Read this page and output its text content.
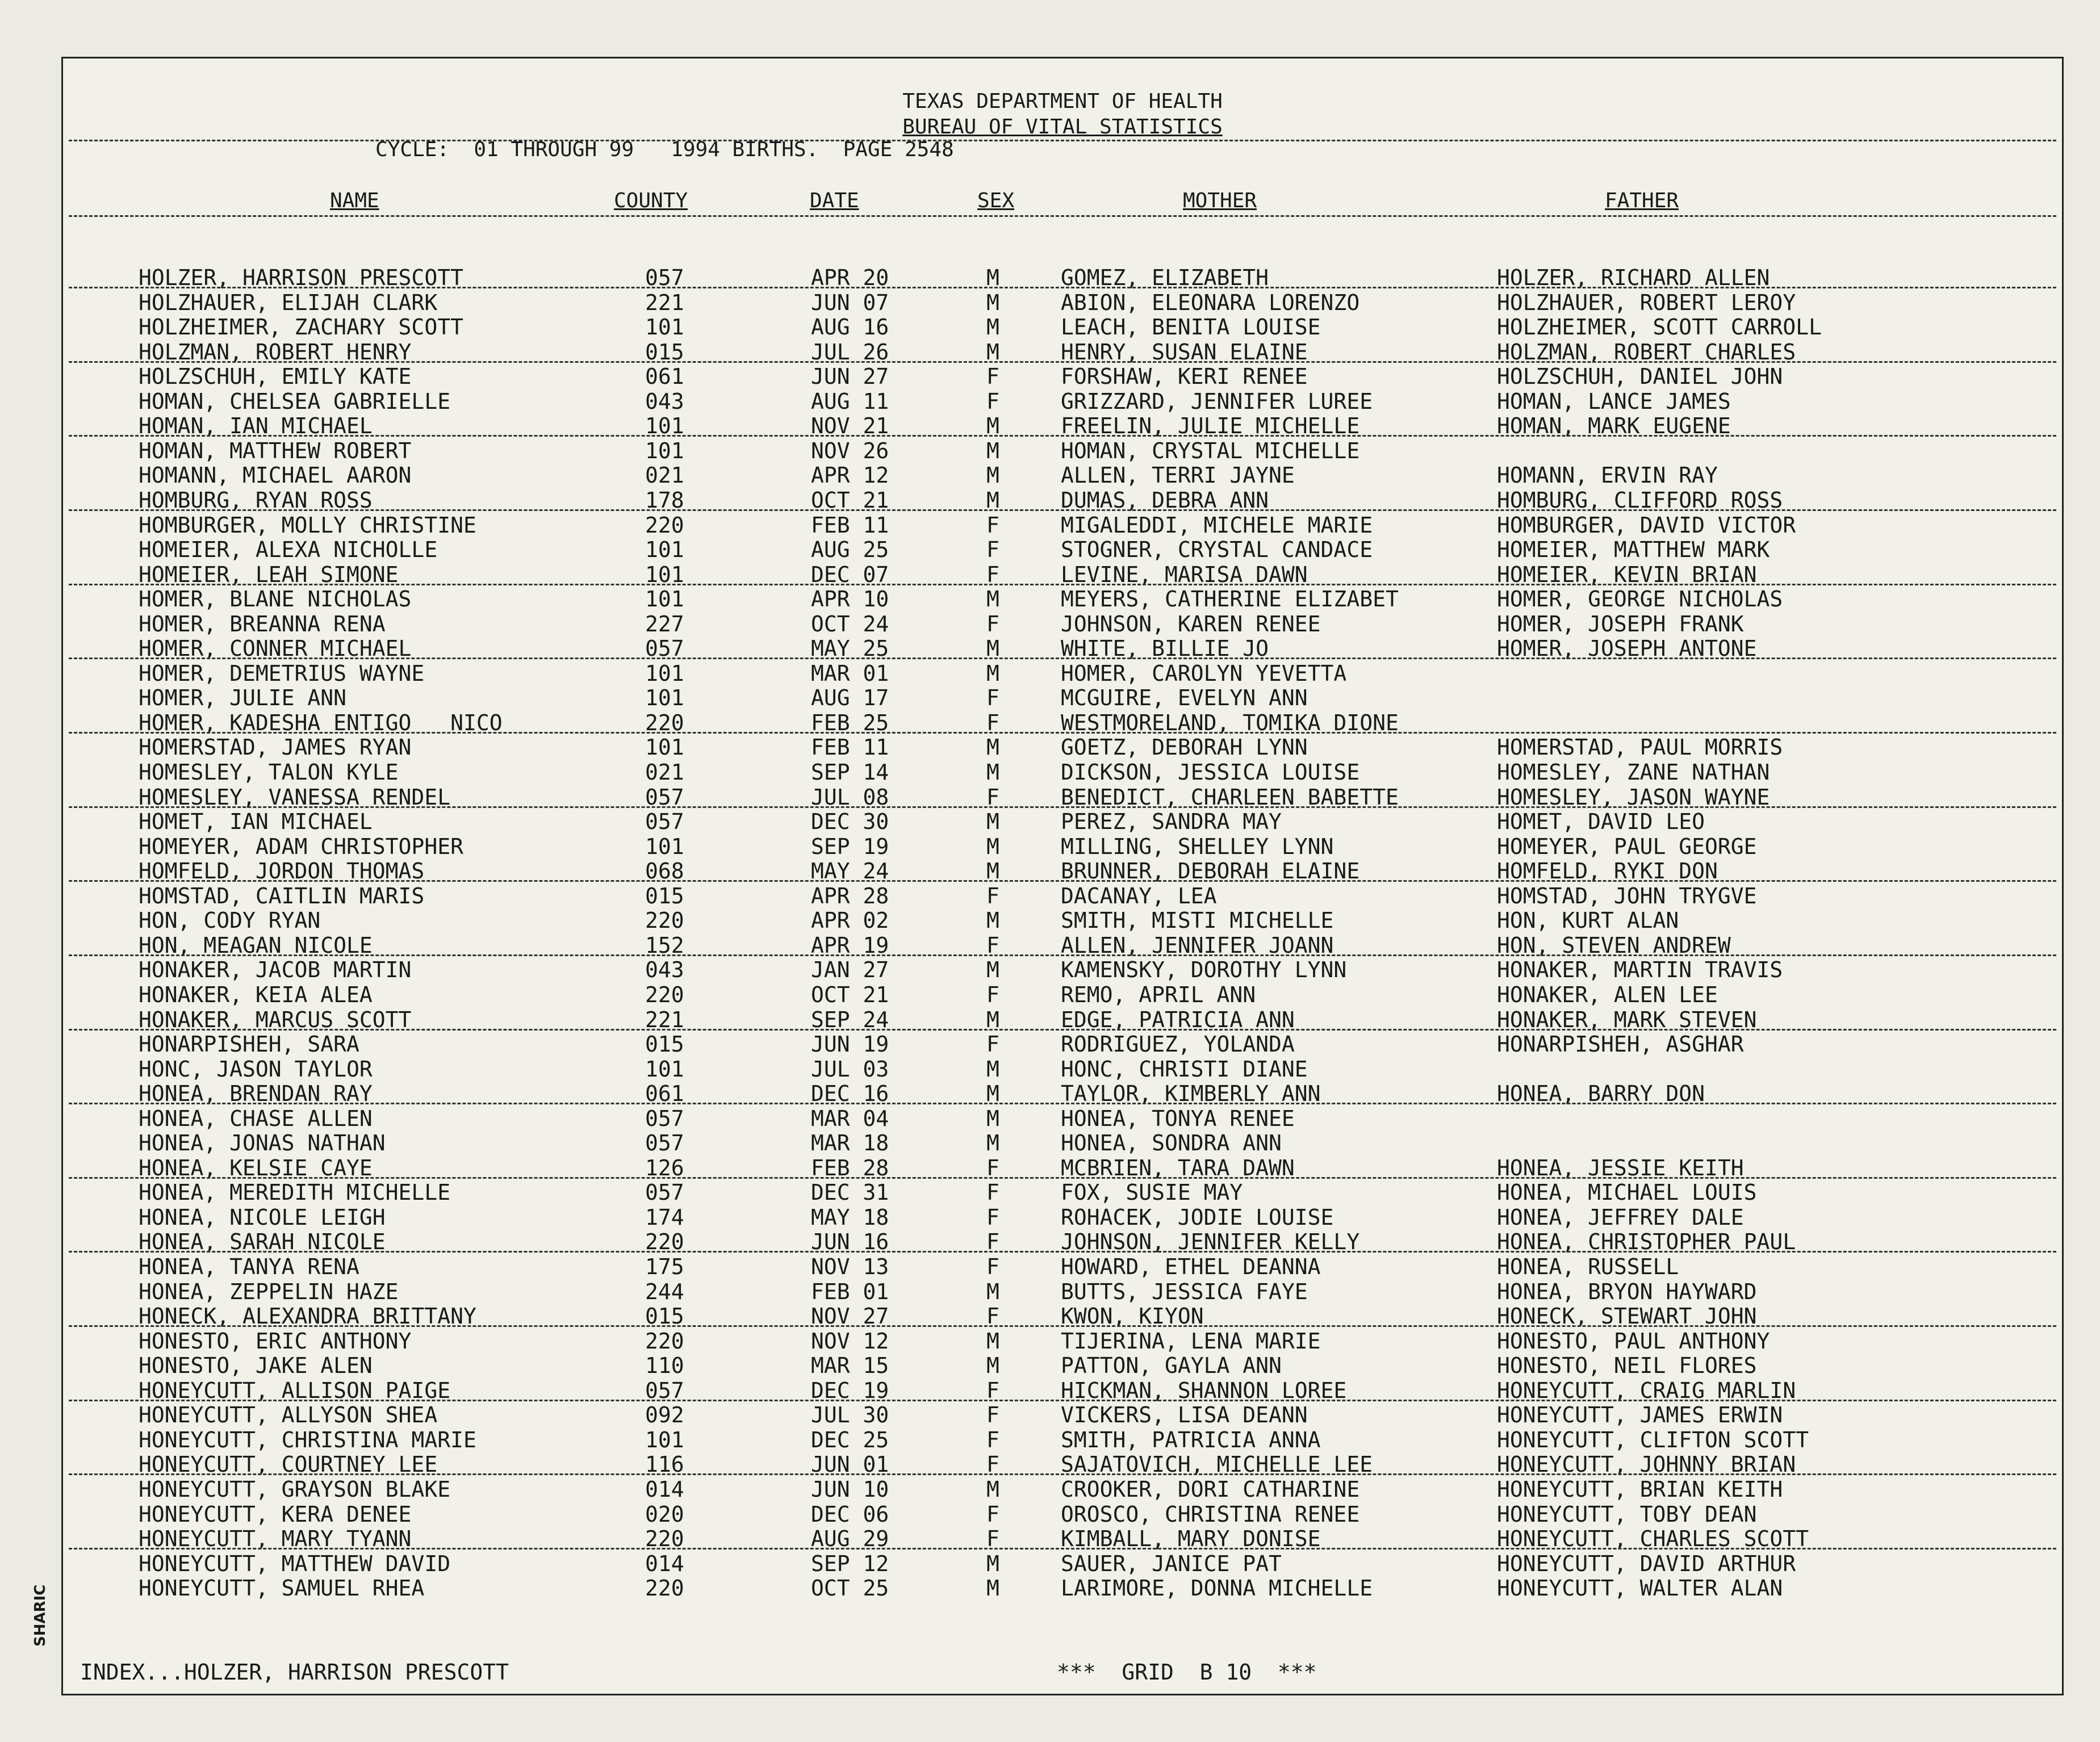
TEXAS DEPARTMENT OF HEALTH
BUREAU OF VITAL STATISTICS
CYCLE:  01 THROUGH 99   1994 BIRTHS.  PAGE 2548
NAME	COUNTY	DATE	SEX	MOTHER	FATHER
HOLZER, HARRISON PRESCOTT	057	APR 20	M	GOMEZ, ELIZABETH	HOLZER, RICHARD ALLEN
HOLZHAUER, ELIJAH CLARK	221	JUN 07	M	ABION, ELEONARA LORENZO	HOLZHAUER, ROBERT LEROY
HOLZHEIMER, ZACHARY SCOTT	101	AUG 16	M	LEACH, BENITA LOUISE	HOLZHEIMER, SCOTT CARROLL
HOLZMAN, ROBERT HENRY	015	JUL 26	M	HENRY, SUSAN ELAINE	HOLZMAN, ROBERT CHARLES
HOLZSCHUH, EMILY KATE	061	JUN 27	F	FORSHAW, KERI RENEE	HOLZSCHUH, DANIEL JOHN
HOMAN, CHELSEA GABRIELLE	043	AUG 11	F	GRIZZARD, JENNIFER LUREE	HOMAN, LANCE JAMES
HOMAN, IAN MICHAEL	101	NOV 21	M	FREELIN, JULIE MICHELLE	HOMAN, MARK EUGENE
HOMAN, MATTHEW ROBERT	101	NOV 26	M	HOMAN, CRYSTAL MICHELLE
HOMANN, MICHAEL AARON	021	APR 12	M	ALLEN, TERRI JAYNE	HOMANN, ERVIN RAY
HOMBURG, RYAN ROSS	178	OCT 21	M	DUMAS, DEBRA ANN	HOMBURG, CLIFFORD ROSS
HOMBURGER, MOLLY CHRISTINE	220	FEB 11	F	MIGALEDDI, MICHELE MARIE	HOMBURGER, DAVID VICTOR
HOMEIER, ALEXA NICHOLLE	101	AUG 25	F	STOGNER, CRYSTAL CANDACE	HOMEIER, MATTHEW MARK
HOMEIER, LEAH SIMONE	101	DEC 07	F	LEVINE, MARISA DAWN	HOMEIER, KEVIN BRIAN
HOMER, BLANE NICHOLAS	101	APR 10	M	MEYERS, CATHERINE ELIZABET	HOMER, GEORGE NICHOLAS
HOMER, BREANNA RENA	227	OCT 24	F	JOHNSON, KAREN RENEE	HOMER, JOSEPH FRANK
HOMER, CONNER MICHAEL	057	MAY 25	M	WHITE, BILLIE JO	HOMER, JOSEPH ANTONE
HOMER, DEMETRIUS WAYNE	101	MAR 01	M	HOMER, CAROLYN YEVETTA
HOMER, JULIE ANN	101	AUG 17	F	MCGUIRE, EVELYN ANN
HOMER, KADESHA ENTIGO   NICO	220	FEB 25	F	WESTMORELAND, TOMIKA DIONE
HOMERSTAD, JAMES RYAN	101	FEB 11	M	GOETZ, DEBORAH LYNN	HOMERSTAD, PAUL MORRIS
HOMESLEY, TALON KYLE	021	SEP 14	M	DICKSON, JESSICA LOUISE	HOMESLEY, ZANE NATHAN
HOMESLEY, VANESSA RENDEL	057	JUL 08	F	BENEDICT, CHARLEEN BABETTE	HOMESLEY, JASON WAYNE
HOMET, IAN MICHAEL	057	DEC 30	M	PEREZ, SANDRA MAY	HOMET, DAVID LEO
HOMEYER, ADAM CHRISTOPHER	101	SEP 19	M	MILLING, SHELLEY LYNN	HOMEYER, PAUL GEORGE
HOMFELD, JORDON THOMAS	068	MAY 24	M	BRUNNER, DEBORAH ELAINE	HOMFELD, RYKI DON
HOMSTAD, CAITLIN MARIS	015	APR 28	F	DACANAY, LEA	HOMSTAD, JOHN TRYGVE
HON, CODY RYAN	220	APR 02	M	SMITH, MISTI MICHELLE	HON, KURT ALAN
HON, MEAGAN NICOLE	152	APR 19	F	ALLEN, JENNIFER JOANN	HON, STEVEN ANDREW
HONAKER, JACOB MARTIN	043	JAN 27	M	KAMENSKY, DOROTHY LYNN	HONAKER, MARTIN TRAVIS
HONAKER, KEIA ALEA	220	OCT 21	F	REMO, APRIL ANN	HONAKER, ALEN LEE
HONAKER, MARCUS SCOTT	221	SEP 24	M	EDGE, PATRICIA ANN	HONAKER, MARK STEVEN
HONARPISHEH, SARA	015	JUN 19	F	RODRIGUEZ, YOLANDA	HONARPISHEH, ASGHAR
HONC, JASON TAYLOR	101	JUL 03	M	HONC, CHRISTI DIANE
HONEA, BRENDAN RAY	061	DEC 16	M	TAYLOR, KIMBERLY ANN	HONEA, BARRY DON
HONEA, CHASE ALLEN	057	MAR 04	M	HONEA, TONYA RENEE
HONEA, JONAS NATHAN	057	MAR 18	M	HONEA, SONDRA ANN
HONEA, KELSIE CAYE	126	FEB 28	F	MCBRIEN, TARA DAWN	HONEA, JESSIE KEITH
HONEA, MEREDITH MICHELLE	057	DEC 31	F	FOX, SUSIE MAY	HONEA, MICHAEL LOUIS
HONEA, NICOLE LEIGH	174	MAY 18	F	ROHACEK, JODIE LOUISE	HONEA, JEFFREY DALE
HONEA, SARAH NICOLE	220	JUN 16	F	JOHNSON, JENNIFER KELLY	HONEA, CHRISTOPHER PAUL
HONEA, TANYA RENA	175	NOV 13	F	HOWARD, ETHEL DEANNA	HONEA, RUSSELL
HONEA, ZEPPELIN HAZE	244	FEB 01	M	BUTTS, JESSICA FAYE	HONEA, BRYON HAYWARD
HONECK, ALEXANDRA BRITTANY	015	NOV 27	F	KWON, KIYON	HONECK, STEWART JOHN
HONESTO, ERIC ANTHONY	220	NOV 12	M	TIJERINA, LENA MARIE	HONESTO, PAUL ANTHONY
HONESTO, JAKE ALEN	110	MAR 15	M	PATTON, GAYLA ANN	HONESTO, NEIL FLORES
HONEYCUTT, ALLISON PAIGE	057	DEC 19	F	HICKMAN, SHANNON LOREE	HONEYCUTT, CRAIG MARLIN
HONEYCUTT, ALLYSON SHEA	092	JUL 30	F	VICKERS, LISA DEANN	HONEYCUTT, JAMES ERWIN
HONEYCUTT, CHRISTINA MARIE	101	DEC 25	F	SMITH, PATRICIA ANNA	HONEYCUTT, CLIFTON SCOTT
HONEYCUTT, COURTNEY LEE	116	JUN 01	F	SAJATOVICH, MICHELLE LEE	HONEYCUTT, JOHNNY BRIAN
HONEYCUTT, GRAYSON BLAKE	014	JUN 10	M	CROOKER, DORI CATHARINE	HONEYCUTT, BRIAN KEITH
HONEYCUTT, KERA DENEE	020	DEC 06	F	OROSCO, CHRISTINA RENEE	HONEYCUTT, TOBY DEAN
HONEYCUTT, MARY TYANN	220	AUG 29	F	KIMBALL, MARY DONISE	HONEYCUTT, CHARLES SCOTT
HONEYCUTT, MATTHEW DAVID	014	SEP 12	M	SAUER, JANICE PAT	HONEYCUTT, DAVID ARTHUR
HONEYCUTT, SAMUEL RHEA	220	OCT 25	M	LARIMORE, DONNA MICHELLE	HONEYCUTT, WALTER ALAN
INDEX...HOLZER, HARRISON PRESCOTT	***  GRID  B 10  ***
SHARIC
